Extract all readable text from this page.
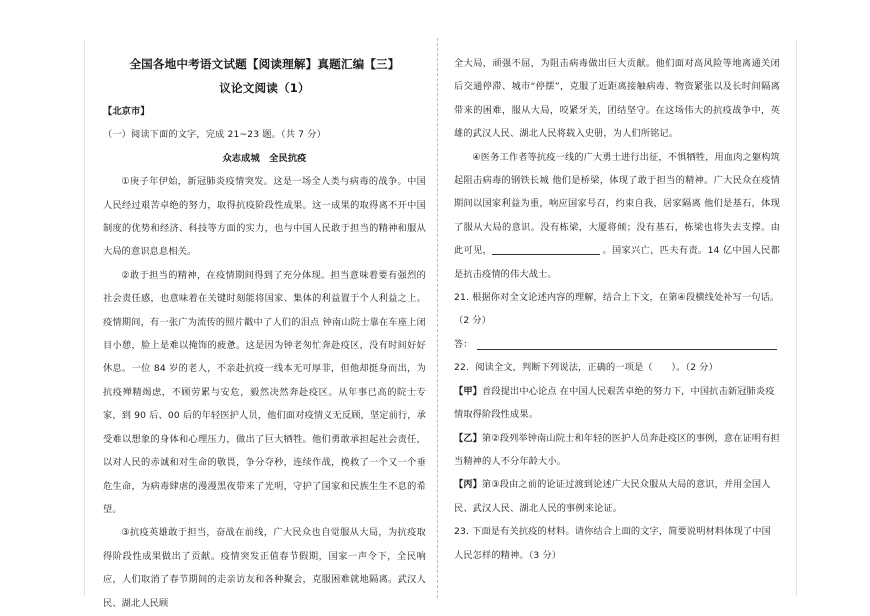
全国各地中考语文试题【阅读理解】真题汇编【三】

议论文阅读（1）

【北京市】

（一）阅读下面的文字，完成 21~23 题。（共 7 分）

众志成城　全民抗疫

①庚子年伊始，新冠肺炎疫情突发。这是一场全人类与病毒的战争。中国人民经过艰苦卓绝的努力，取得抗疫阶段性成果。这一成果的取得离不开中国制度的优势和经济、科技等方面的实力，也与中国人民敢于担当的精神和服从大局的意识息息相关。

②敢于担当的精神，在疫情期间得到了充分体现。担当意味着要有强烈的社会责任感，也意味着在关键时刻能将国家、集体的利益置于个人利益之上。疫情期间，有一张广为流传的照片戳中了人们的泪点 钟南山院士靠在车座上闭目小憩，脸上是难以掩饰的疲惫。这是因为钟老匆忙奔赴疫区，没有时间好好休息。一位 84 岁的老人，不亲赴抗疫一线本无可厚非，但他却挺身而出，为抗疫殚精竭虑，不顾劳累与安危，毅然决然奔赴疫区。从年事已高的院士专家，到 90 后、00 后的年轻医护人员，他们面对疫情义无反顾，坚定前行，承受难以想象的身体和心理压力，做出了巨大牺牲。他们勇敢承担起社会责任，以对人民的赤诚和对生命的敬畏，争分夺秒，连续作战，挽救了一个又一个垂危生命，为病毒肆虐的漫漫黑夜带来了光明，守护了国家和民族生生不息的希望。

③抗疫英雄敢于担当，奋战在前线，广大民众也自觉服从大局，为抗疫取得阶段性成果做出了贡献。疫情突发正值春节假期，国家一声令下，全民响应，人们取消了春节期间的走亲访友和各种聚会，克服困难就地隔离。武汉人民、湖北人民顾

全大局，顽强不屈，为阻击病毒做出巨大贡献。他们面对高风险等地离通关闭后交通停滞、城市“停摆”，克服了近距离接触病毒、物资紧张以及长时间隔离带来的困难，服从大局，咬紧牙关，团结坚守。在这场伟大的抗疫战争中，英雄的武汉人民、湖北人民将载入史册，为人们所铭记。

④医务工作者等抗疫一线的广大勇士进行出征，不惧牺牲，用血肉之躯构筑起阻击病毒的钢铁长城 他们是桥梁，体现了敢于担当的精神。广大民众在疫情期间以国家利益为重，响应国家号召，约束自我，居家隔离 他们是基石，体现了服从大局的意识。没有栋梁，大厦将倾；没有基石，栋梁也将失去支撑。由此可见，	。国家兴亡，匹夫有责。14 亿中国人民都是抗击疫情的伟大战士。

21. 根据你对全文论述内容的理解，结合上下文，在第④段横线处补写一句话。（2 分）

答：

22．阅读全文，判断下列说法，正确的一项是（　　）。（2 分）

【甲】首段提出中心论点 在中国人民艰苦卓绝的努力下，中国抗击新冠肺炎疫情取得阶段性成果。

【乙】第②段列举钟南山院士和年轻的医护人员奔赴疫区的事例，意在证明有担当精神的人不分年龄大小。

【丙】第③段由之前的论证过渡到论述广大民众服从大局的意识，并用全国人民、武汉人民、湖北人民的事例来论证。

23. 下面是有关抗疫的材料。请你结合上面的文字，简要说明材料体现了中国人民怎样的精神。（3 分）
